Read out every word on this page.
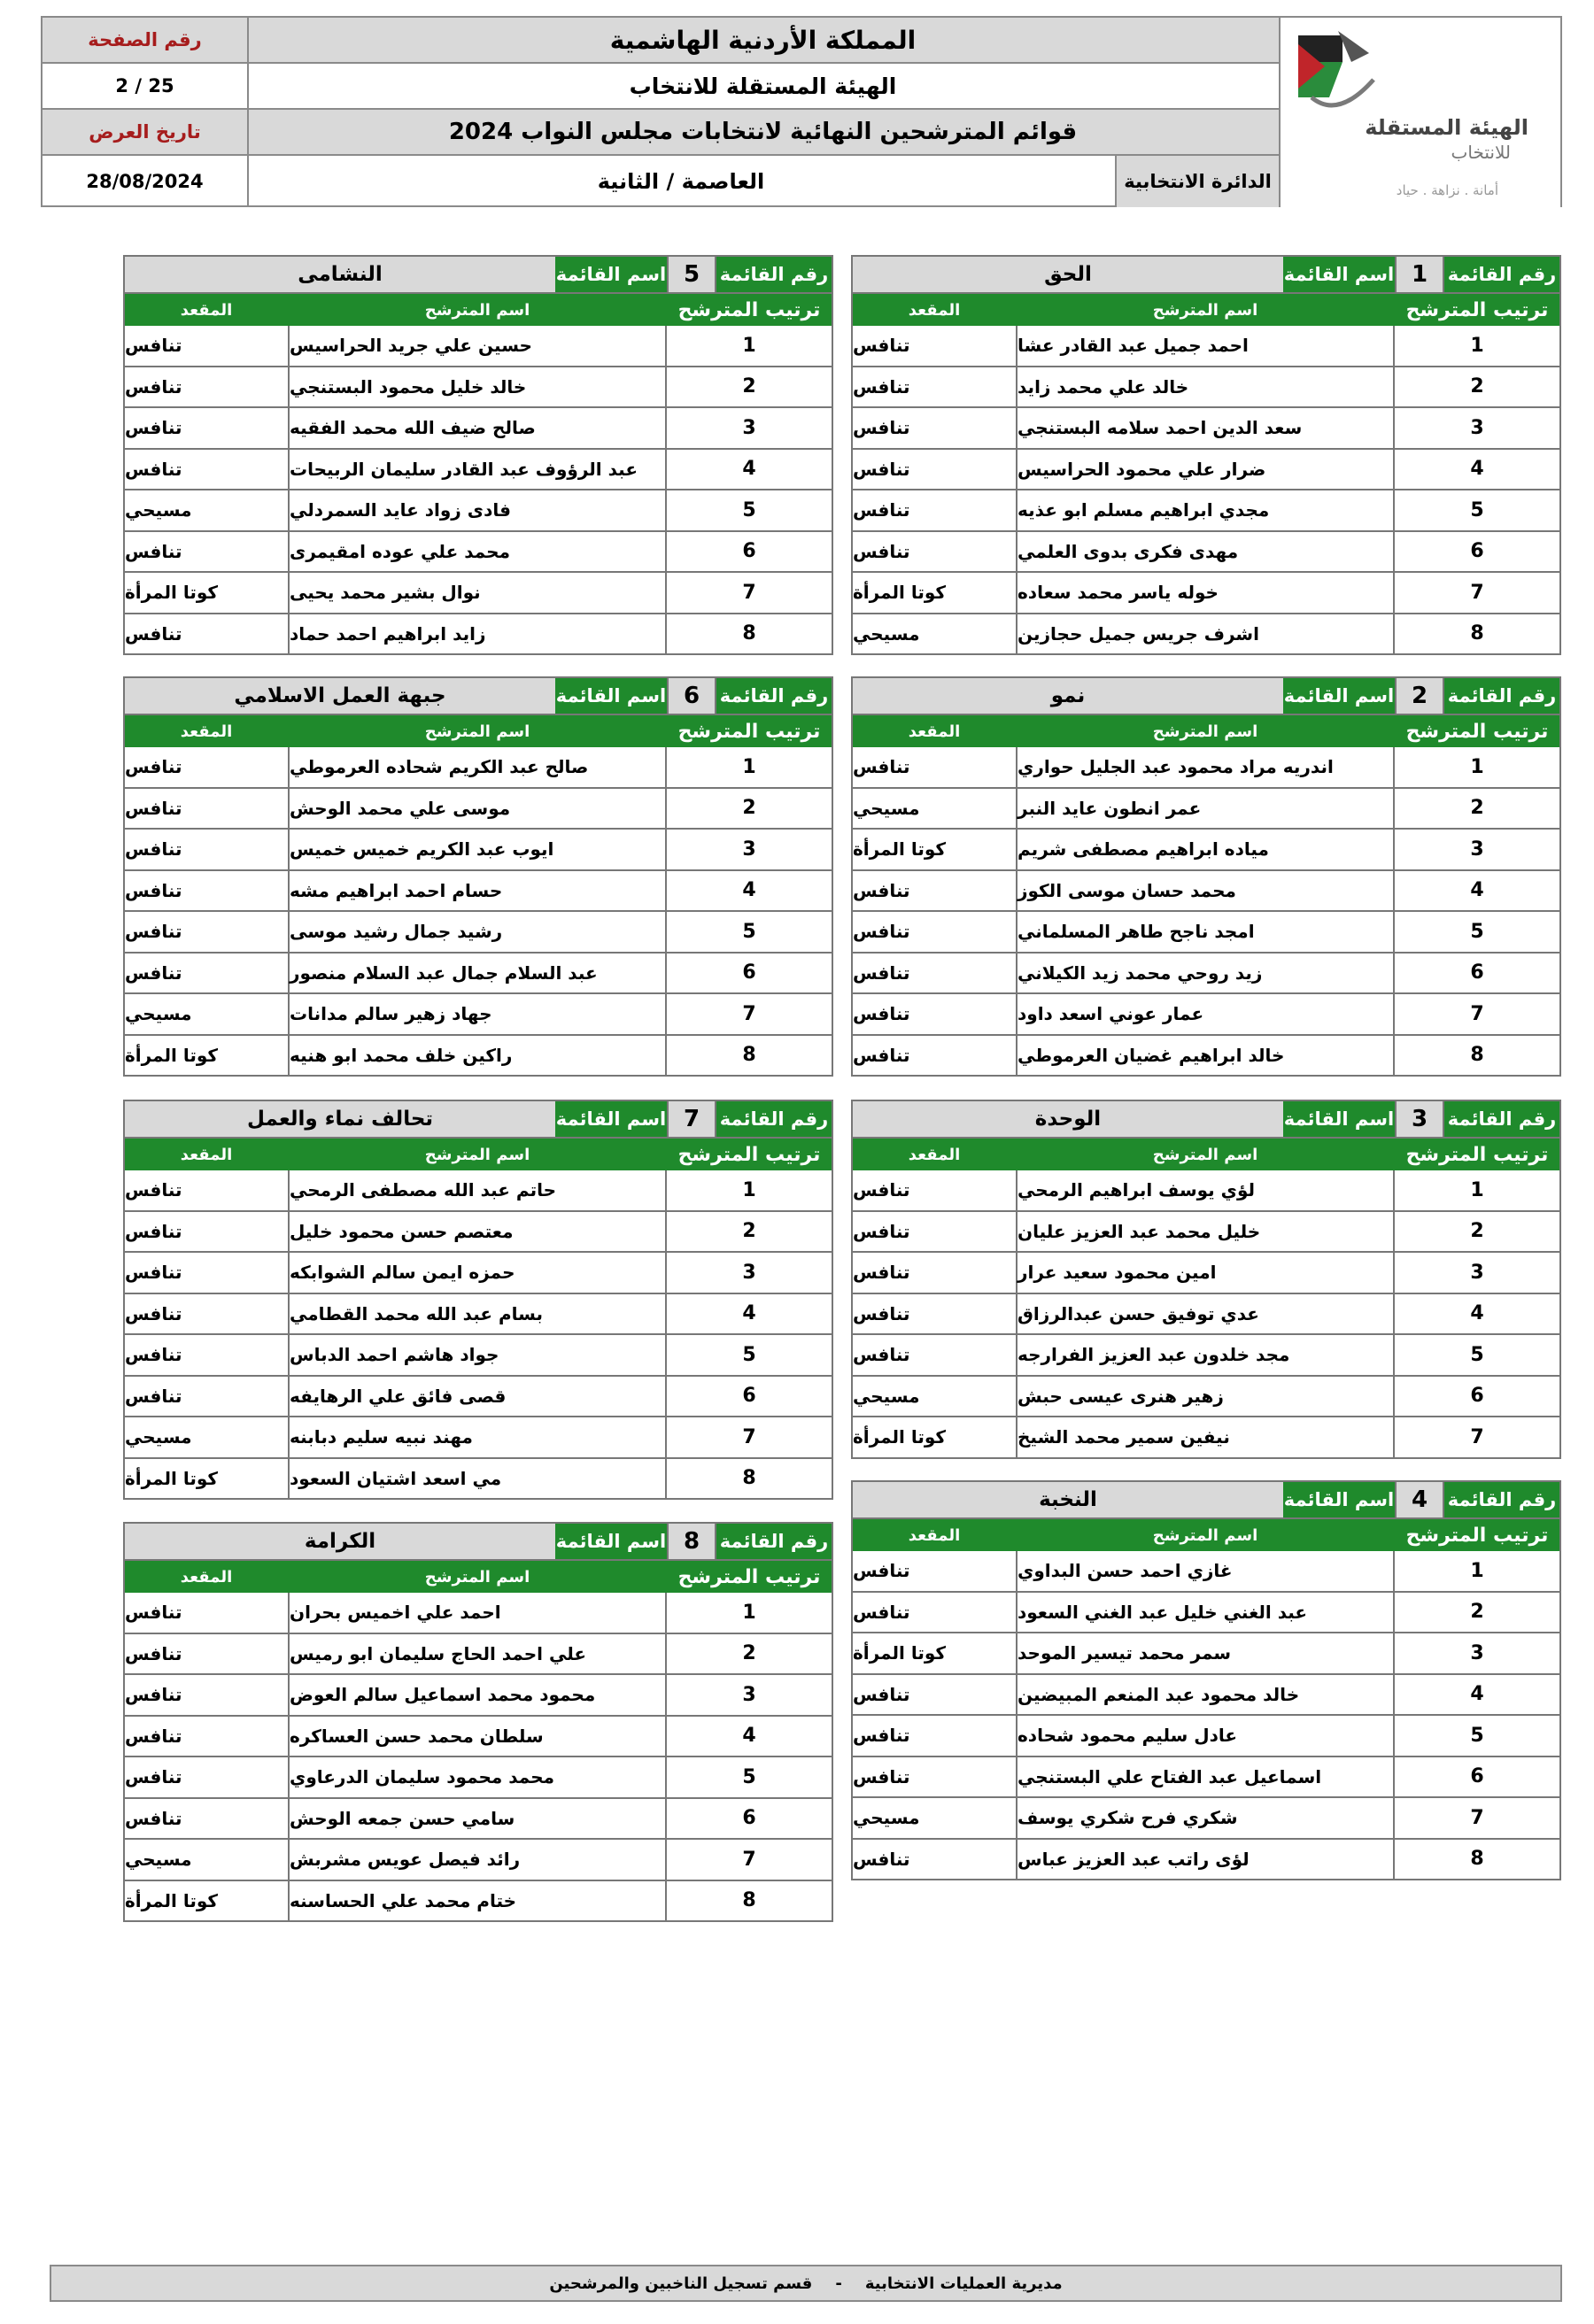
الهيئة المستقلة
للانتخاب
أمانة . نزاهة . حياد
المملكة الأردنية الهاشمية
الهيئة المستقلة للانتخاب
قوائم المترشحين النهائية لانتخابات مجلس النواب 2024
الدائرة الانتخابية
العاصمة / الثانية
رقم الصفحة
2 / 25
تاريخ العرض
28/08/2024
رقم القائمة
1
اسم القائمة
الحق
ترتيب المترشح
اسم المترشح
المقعد
1
احمد جميل عبد القادر عشا
تنافس
2
خالد علي محمد زايد
تنافس
3
سعد الدين احمد سلامه البستنجي
تنافس
4
ضرار علي محمود الحراسيس
تنافس
5
مجدي ابراهيم مسلم ابو عذيه
تنافس
6
مهدى فكرى بدوى العلمي
تنافس
7
خوله ياسر محمد سعاده
كوتا المرأة
8
اشرف جريس جميل حجازين
مسيحي
رقم القائمة
2
اسم القائمة
نمو
ترتيب المترشح
اسم المترشح
المقعد
1
اندريه مراد محمود عبد الجليل حواري
تنافس
2
عمر انطون عايد النبر
مسيحي
3
مياده ابراهيم مصطفى شريم
كوتا المرأة
4
محمد حسان موسى الكوز
تنافس
5
امجد ناجح طاهر المسلماني
تنافس
6
زيد روحي محمد زيد الكيلاني
تنافس
7
عمار عوني اسعد داود
تنافس
8
خالد ابراهيم غضيان العرموطي
تنافس
رقم القائمة
3
اسم القائمة
الوحدة
ترتيب المترشح
اسم المترشح
المقعد
1
لؤي يوسف ابراهيم الرمحي
تنافس
2
خليل محمد عبد العزيز عليان
تنافس
3
امين محمود سعيد عرار
تنافس
4
عدي توفيق حسن عبدالرزاق
تنافس
5
مجد خلدون عبد العزيز الفرارجه
تنافس
6
زهير هنرى عيسى حبش
مسيحي
7
نيفين سمير محمد الشيخ
كوتا المرأة
رقم القائمة
4
اسم القائمة
النخبة
ترتيب المترشح
اسم المترشح
المقعد
1
غازي احمد حسن البداوي
تنافس
2
عبد الغني خليل عبد الغني السعود
تنافس
3
سمر محمد تيسير الموحد
كوتا المرأة
4
خالد محمود عبد المنعم المبيضين
تنافس
5
عادل سليم محمود شحاده
تنافس
6
اسماعيل عبد الفتاح علي البستنجي
تنافس
7
شكري فرح شكري يوسف
مسيحي
8
لؤى راتب عبد العزيز عباس
تنافس
رقم القائمة
5
اسم القائمة
النشامى
ترتيب المترشح
اسم المترشح
المقعد
1
حسين علي جريد الحراسيس
تنافس
2
خالد خليل محمود البستنجي
تنافس
3
صالح ضيف الله محمد الفقيه
تنافس
4
عبد الرؤوف عبد القادر سليمان الربيحات
تنافس
5
فادى زواد عايد السمردلي
مسيحي
6
محمد علي عوده امقيمرى
تنافس
7
نوال بشير محمد يحيى
كوتا المرأة
8
زايد ابراهيم احمد حماد
تنافس
رقم القائمة
6
اسم القائمة
جبهة العمل الاسلامي
ترتيب المترشح
اسم المترشح
المقعد
1
صالح عبد الكريم شحاده العرموطي
تنافس
2
موسى علي محمد الوحش
تنافس
3
ايوب عبد الكريم خميس خميس
تنافس
4
حسام احمد ابراهيم مشه
تنافس
5
رشيد جمال رشيد موسى
تنافس
6
عبد السلام جمال عبد السلام منصور
تنافس
7
جهاد زهير سالم مدانات
مسيحي
8
راكين خلف محمد ابو هنيه
كوتا المرأة
رقم القائمة
7
اسم القائمة
تحالف نماء والعمل
ترتيب المترشح
اسم المترشح
المقعد
1
حاتم عبد الله مصطفى الرمحي
تنافس
2
معتصم حسن محمود خليل
تنافس
3
حمزه ايمن سالم الشوابكه
تنافس
4
بسام عبد الله محمد القطامي
تنافس
5
جواد هاشم احمد الدباس
تنافس
6
قصى فائق علي الرهايفه
تنافس
7
مهند نبيه سليم دبابنه
مسيحي
8
مي اسعد اشتيان السعود
كوتا المرأة
رقم القائمة
8
اسم القائمة
الكرامة
ترتيب المترشح
اسم المترشح
المقعد
1
احمد علي اخميس بحران
تنافس
2
علي احمد الحاج سليمان ابو رميس
تنافس
3
محمود محمد اسماعيل سالم العوض
تنافس
4
سلطان محمد حسن العساكره
تنافس
5
محمد محمود سليمان الدرعاوي
تنافس
6
سامي حسن جمعه الوحش
تنافس
7
رائد فيصل عويس مشربش
مسيحي
8
ختام محمد علي الحساسنه
كوتا المرأة
مديرية العمليات الانتخابية
-
قسم تسجيل الناخبين والمرشحين
